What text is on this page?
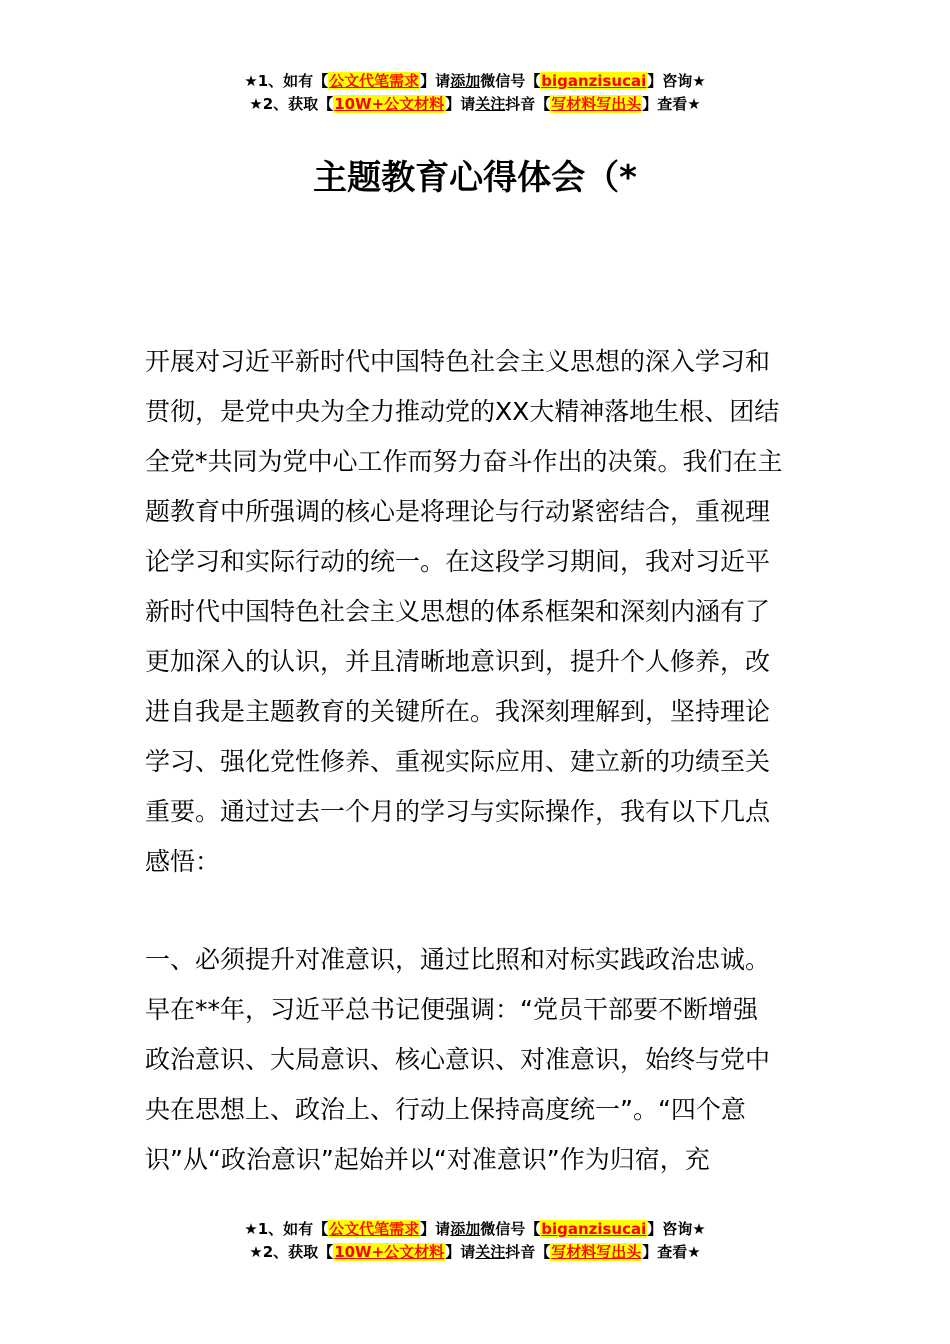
★1、如有【公文代笔需求】请添加微信号【biganzisucai】咨询★
★2、获取【10W+公文材料】请关注抖音【写材料写出头】查看★
主题教育心得体会（*
开展对习近平新时代中国特色社会主义思想的深入学习和
贯彻，是党中央为全力推动党的XX大精神落地生根、团结
全党*共同为党中心工作而努力奋斗作出的决策。我们在主
题教育中所强调的核心是将理论与行动紧密结合，重视理
论学习和实际行动的统一。在这段学习期间，我对习近平
新时代中国特色社会主义思想的体系框架和深刻内涵有了
更加深入的认识，并且清晰地意识到，提升个人修养，改
进自我是主题教育的关键所在。我深刻理解到，坚持理论
学习、强化党性修养、重视实际应用、建立新的功绩至关
重要。通过过去一个月的学习与实际操作，我有以下几点
感悟：
一、必须提升对准意识，通过比照和对标实践政治忠诚。
早在**年，习近平总书记便强调：“党员干部要不断增强
政治意识、大局意识、核心意识、对准意识，始终与党中
央在思想上、政治上、行动上保持高度统一”。“四个意
识”从“政治意识”起始并以“对准意识”作为归宿，充
★1、如有【公文代笔需求】请添加微信号【biganzisucai】咨询★
★2、获取【10W+公文材料】请关注抖音【写材料写出头】查看★
